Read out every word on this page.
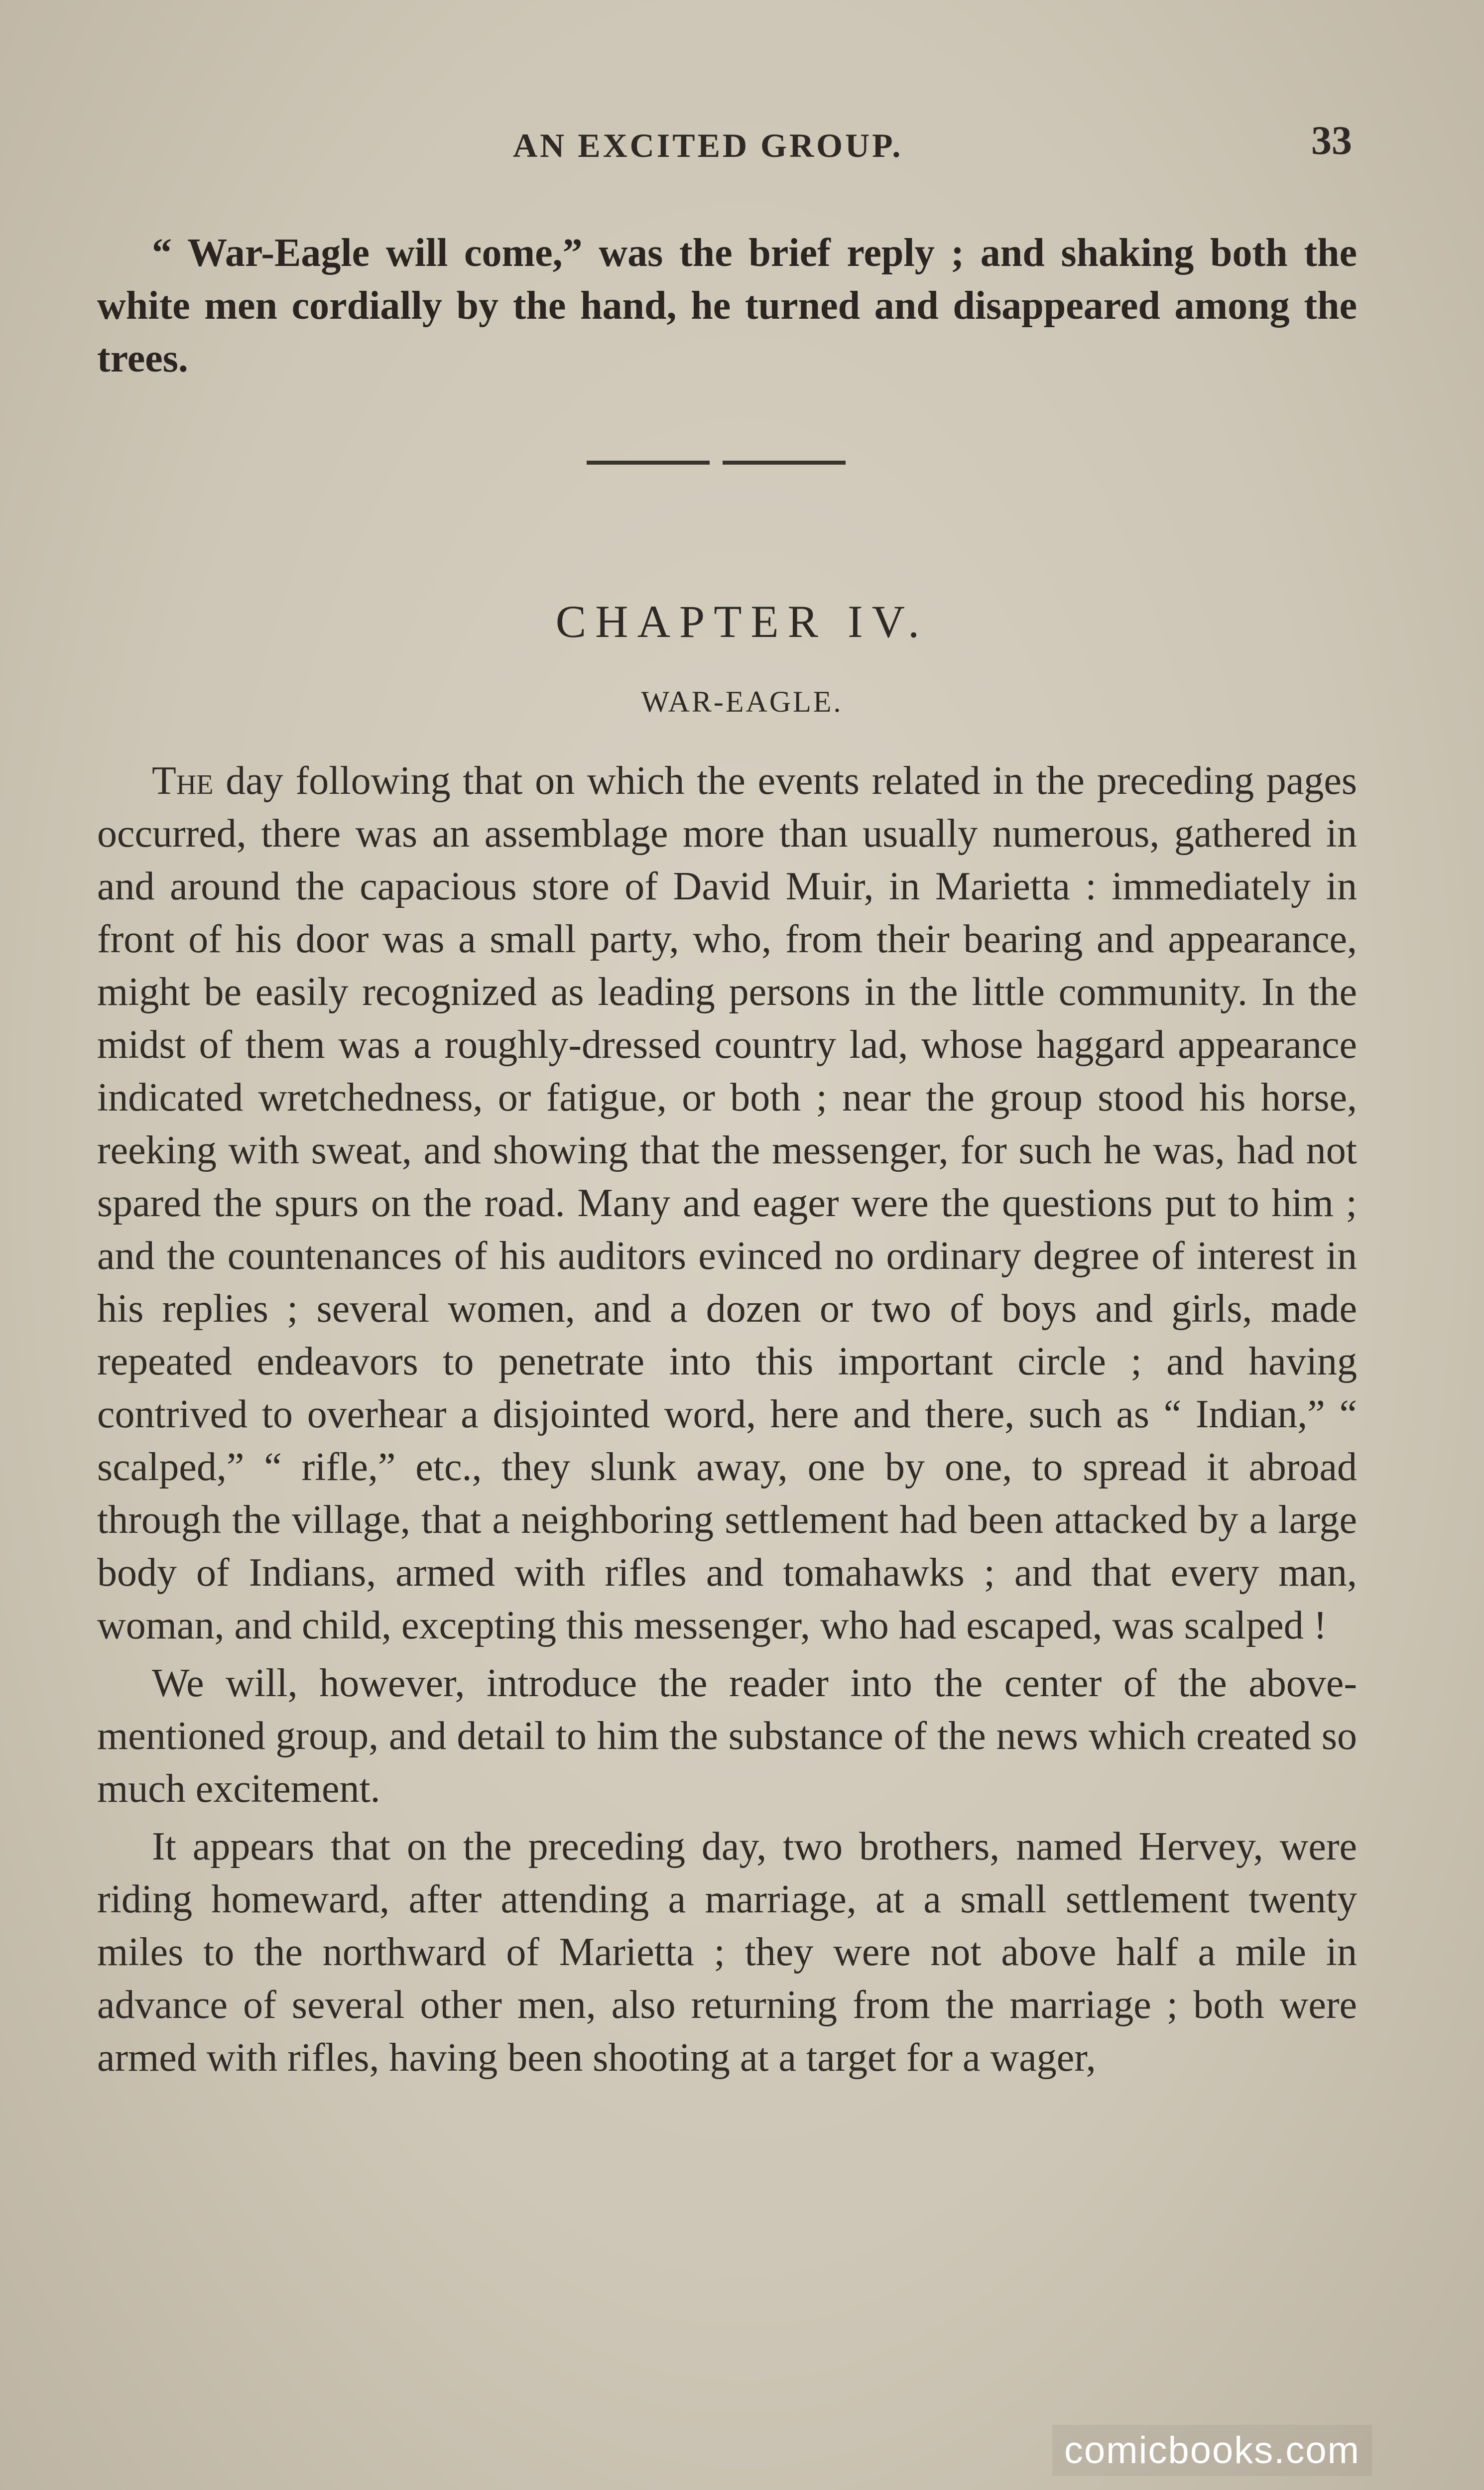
AN EXCITED GROUP.	33

“ War-Eagle will come,” was the brief reply ; and shaking both the white men cordially by the hand, he turned and disappeared among the trees.

CHAPTER IV.
WAR-EAGLE.

The day following that on which the events related in the preceding pages occurred, there was an assemblage more than usually numerous, gathered in and around the capacious store of David Muir, in Marietta : immediately in front of his door was a small party, who, from their bearing and appearance, might be easily recognized as leading persons in the little community. In the midst of them was a roughly-dressed country lad, whose haggard appearance indicated wretchedness, or fatigue, or both ; near the group stood his horse, reeking with sweat, and showing that the messenger, for such he was, had not spared the spurs on the road. Many and eager were the questions put to him ; and the countenances of his auditors evinced no ordinary degree of interest in his replies ; several women, and a dozen or two of boys and girls, made repeated endeavors to penetrate into this important circle ; and having contrived to overhear a disjointed word, here and there, such as “ Indian,” “ scalped,” “ rifle,” etc., they slunk away, one by one, to spread it abroad through the village, that a neighboring settlement had been attacked by a large body of Indians, armed with rifles and tomahawks ; and that every man, woman, and child, excepting this messenger, who had escaped, was scalped !

We will, however, introduce the reader into the center of the above-mentioned group, and detail to him the substance of the news which created so much excitement.

It appears that on the preceding day, two brothers, named Hervey, were riding homeward, after attending a marriage, at a small settlement twenty miles to the northward of Marietta ; they were not above half a mile in advance of several other men, also returning from the marriage ; both were armed with rifles, having been shooting at a target for a wager,

comicbooks.com
